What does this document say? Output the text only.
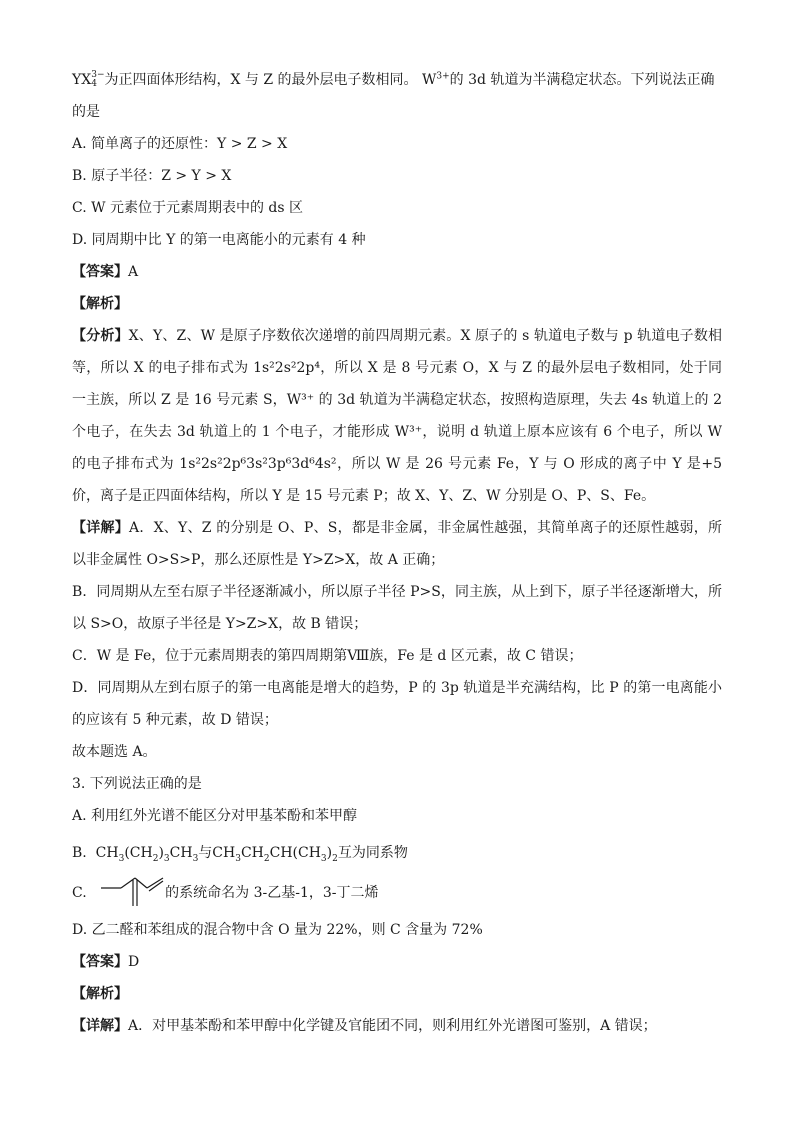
YX 3−
4 为正四面体形结构，X 与 Z 的最外层电子数相同。 $W^{3+}$的 3d 轨道为半满稳定状态。下列说法正确
的是
A. 简单离子的还原性：Y > Z > X
B. 原子半径：Z > Y > X
C. W 元素位于元素周期表中的 ds 区
D. 同周期中比 Y 的第一电离能小的元素有 4 种
【答案】A
【解析】
【分析】X、Y、Z、W 是原子序数依次递增的前四周期元素。X 原子的 s 轨道电子数与 p 轨道电子数相等，所以 X 的电子排布式为 1s²2s²2p⁴，所以 X 是 8 号元素 O，X 与 Z 的最外层电子数相同，处于同一主族，所以 Z 是 16 号元素 S，W³⁺ 的 3d 轨道为半满稳定状态，按照构造原理，失去 4s 轨道上的 2 个电子，在失去 3d 轨道上的 1 个电子，才能形成 W³⁺，说明 d 轨道上原本应该有 6 个电子，所以 W 的电子排布式为 1s²2s²2p⁶3s²3p⁶3d⁶4s²，所以 W 是 26 号元素 Fe，Y 与 O 形成的离子中 Y 是+5 价，离子是正四面体结构，所以 Y 是 15 号元素 P；故 X、Y、Z、W 分别是 O、P、S、Fe。
【详解】A．X、Y、Z 的分别是 O、P、S，都是非金属，非金属性越强，其简单离子的还原性越弱，所以非金属性 O>S>P，那么还原性是 Y>Z>X，故 A 正确；
B．同周期从左至右原子半径逐渐减小，所以原子半径 P>S，同主族，从上到下，原子半径逐渐增大，所以 S>O，故原子半径是 Y>Z>X，故 B 错误；
C．W 是 Fe，位于元素周期表的第四周期第Ⅷ族，Fe 是 d 区元素，故 C 错误；
D．同周期从左到右原子的第一电离能是增大的趋势，P 的 3p 轨道是半充满结构，比 P 的第一电离能小的应该有 5 种元素，故 D 错误；
故本题选 A。
3. 下列说法正确的是
A. 利用红外光谱不能区分对甲基苯酚和苯甲醇
B. $CH_3(CH_2)_3CH_3$与$CH_3CH_2CH(CH_3)_2$互为同系物
C.	的系统命名为 3-乙基-1，3-丁二烯
D. 乙二醛和苯组成的混合物中含 O 量为 22%，则 C 含量为 72%
【答案】D
【解析】
【详解】A．对甲基苯酚和苯甲醇中化学键及官能团不同，则利用红外光谱图可鉴别，A 错误；
